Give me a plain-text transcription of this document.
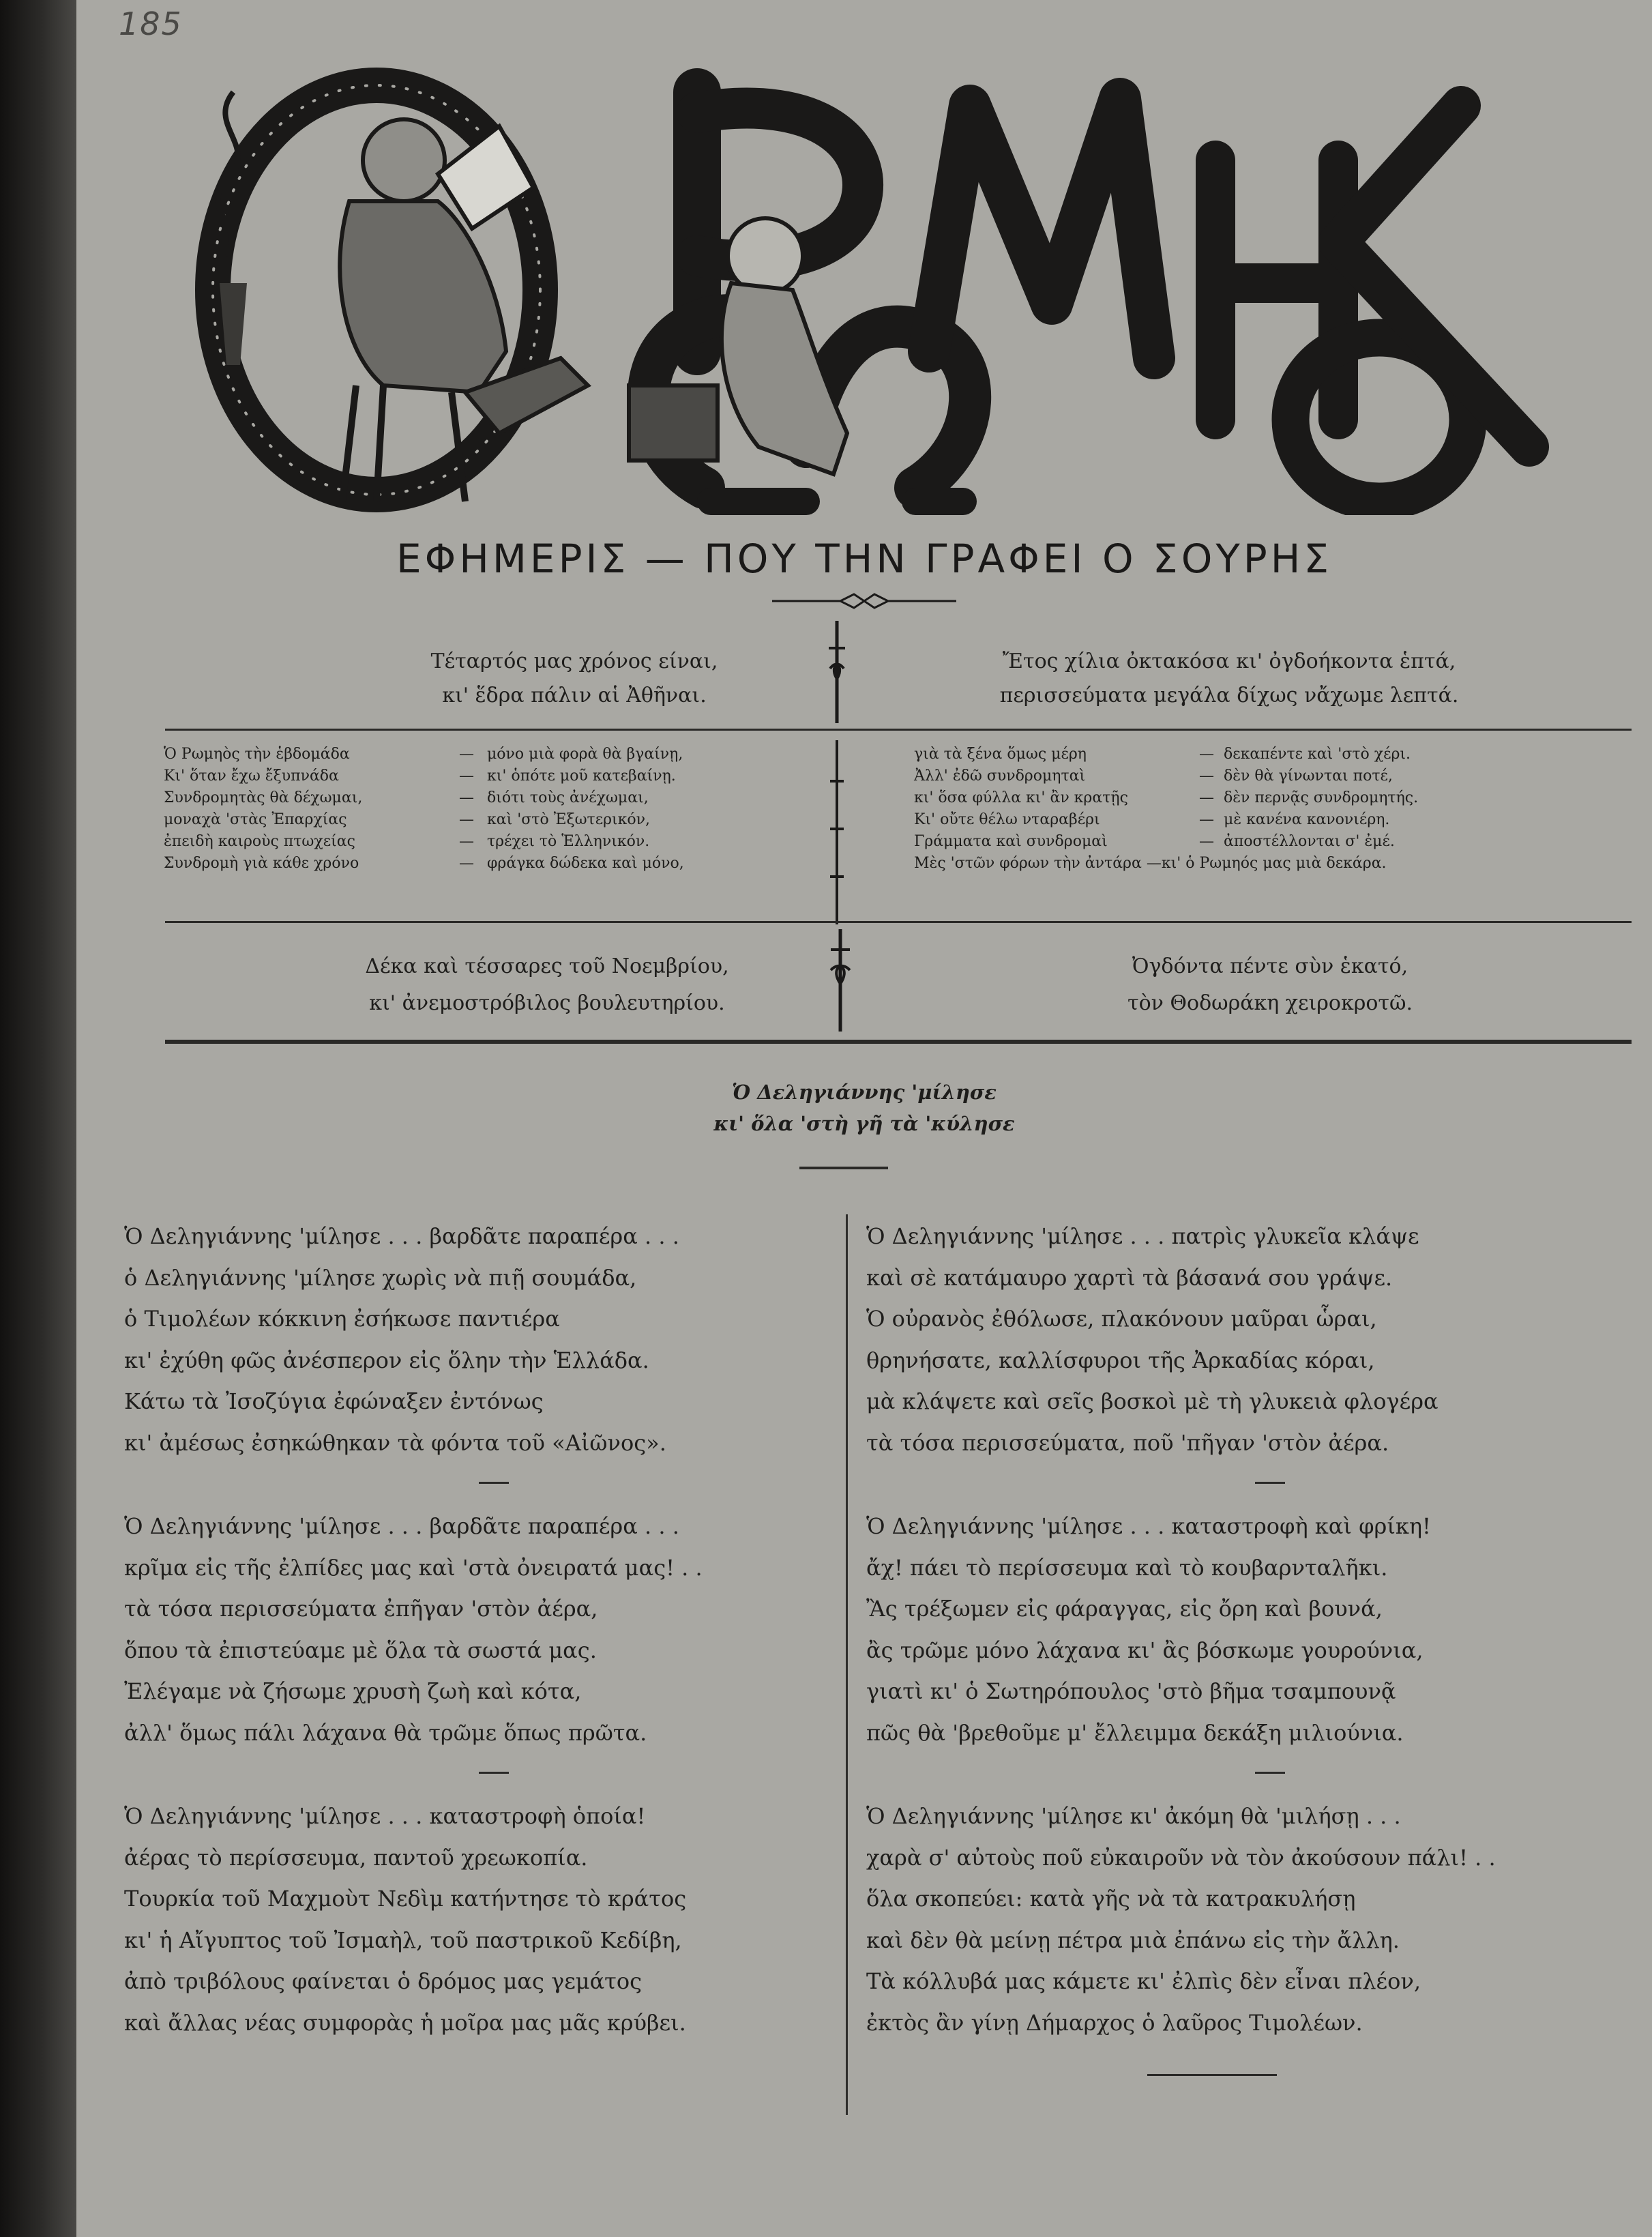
185
ΕΦΗΜΕΡΙΣ — ΠΟΥ ΤΗΝ ΓΡΑΦΕΙ Ο ΣΟΥΡΗΣ
Τέταρτός μας χρόνος είναι,
κι' ἕδρα πάλιν αἱ Ἀθῆναι.
Ἔτος χίλια ὀκτακόσα κι' ὀγδοήκοντα ἑπτά,
περισσεύματα μεγάλα δίχως νἄχωμε λεπτά.
Ὁ Ρωμηὸς τὴν ἑβδομάδα	— μόνο μιὰ φορὰ θὰ βγαίνῃ,
Κι' ὅταν ἔχω ἔξυπνάδα	— κι' ὁπότε μοῦ κατεβαίνῃ.
Συνδρομητὰς θὰ δέχωμαι,	— διότι τοὺς ἀνέχωμαι,
μοναχὰ 'στὰς Ἐπαρχίας	— καὶ 'στὸ Ἐξωτερικόν,
ἐπειδὴ καιροὺς πτωχείας	— τρέχει τὸ Ἑλληνικόν.
Συνδρομὴ γιὰ κάθε χρόνο	— φράγκα δώδεκα καὶ μόνο,
γιὰ τὰ ξένα ὅμως μέρη	— δεκαπέντε καὶ 'στὸ χέρι.
Ἀλλ' ἐδῶ συνδρομηταὶ	— δὲν θὰ γίνωνται ποτέ,
κι' ὅσα φύλλα κι' ἂν κρατῇς	— δὲν περνᾷς συνδρομητής.
Κι' οὔτε θέλω νταραβέρι	— μὲ κανένα κανονιέρη.
Γράμματα καὶ συνδρομαὶ	— ἀποστέλλονται σ' ἐμέ.
Μὲς 'στῶν φόρων τὴν ἀντάρα —κι' ὁ Ρωμηός μας μιὰ δεκάρα.
Δέκα καὶ τέσσαρες τοῦ Νοεμβρίου,
κι' ἀνεμοστρόβιλος βουλευτηρίου.
Ὀγδόντα πέντε σὺν ἑκατό,
τὸν Θοδωράκη χειροκροτῶ.
Ὁ Δεληγιάννης 'μίλησε
κι' ὅλα 'στὴ γῆ τὰ 'κύλησε
Ὁ Δεληγιάννης 'μίλησε . . . βαρδᾶτε παραπέρα . . .
ὁ Δεληγιάννης 'μίλησε χωρὶς νὰ πιῇ σουμάδα,
ὁ Τιμολέων κόκκινη ἐσήκωσε παντιέρα
κι' ἐχύθη φῶς ἀνέσπερον εἰς ὅλην τὴν Ἑλλάδα.
Κάτω τὰ Ἰσοζύγια ἐφώναξεν ἐντόνως
κι' ἀμέσως ἐσηκώθηκαν τὰ φόντα τοῦ «Αἰῶνος».
Ὁ Δεληγιάννης 'μίλησε . . . βαρδᾶτε παραπέρα . . .
κρῖμα εἰς τῆς ἐλπίδες μας καὶ 'στὰ ὀνειρατά μας! . .
τὰ τόσα περισσεύματα ἐπῆγαν 'στὸν ἀέρα,
ὅπου τὰ ἐπιστεύαμε μὲ ὅλα τὰ σωστά μας.
Ἐλέγαμε νὰ ζήσωμε χρυσὴ ζωὴ καὶ κότα,
ἀλλ' ὅμως πάλι λάχανα θὰ τρῶμε ὅπως πρῶτα.
Ὁ Δεληγιάννης 'μίλησε . . . καταστροφὴ ὁποία!
ἀέρας τὸ περίσσευμα, παντοῦ χρεωκοπία.
Τουρκία τοῦ Μαχμοὺτ Νεδὶμ κατήντησε τὸ κράτος
κι' ἡ Αἴγυπτος τοῦ Ἰσμαὴλ, τοῦ παστρικοῦ Κεδίβη,
ἀπὸ τριβόλους φαίνεται ὁ δρόμος μας γεμάτος
καὶ ἄλλας νέας συμφορὰς ἡ μοῖρα μας μᾶς κρύβει.
Ὁ Δεληγιάννης 'μίλησε . . . πατρὶς γλυκεῖα κλάψε
καὶ σὲ κατάμαυρο χαρτὶ τὰ βάσανά σου γράψε.
Ὁ οὐρανὸς ἐθόλωσε, πλακόνουν μαῦραι ὧραι,
θρηνήσατε, καλλίσφυροι τῆς Ἀρκαδίας κόραι,
μὰ κλάψετε καὶ σεῖς βοσκοὶ μὲ τὴ γλυκειὰ φλογέρα
τὰ τόσα περισσεύματα, ποῦ 'πῆγαν 'στὸν ἀέρα.
Ὁ Δεληγιάννης 'μίλησε . . . καταστροφὴ καὶ φρίκη!
ἄχ! πάει τὸ περίσσευμα καὶ τὸ κουβαρνταλῆκι.
Ἂς τρέξωμεν εἰς φάραγγας, εἰς ὄρη καὶ βουνά,
ἂς τρῶμε μόνο λάχανα κι' ἂς βόσκωμε γουρούνια,
γιατὶ κι' ὁ Σωτηρόπουλος 'στὸ βῆμα τσαμπουνᾷ
πῶς θὰ 'βρεθοῦμε μ' ἔλλειμμα δεκάξη μιλιούνια.
Ὁ Δεληγιάννης 'μίλησε κι' ἀκόμη θὰ 'μιλήσῃ . . .
χαρὰ σ' αὐτοὺς ποῦ εὐκαιροῦν νὰ τὸν ἀκούσουν πάλι! . .
ὅλα σκοπεύει: κατὰ γῆς νὰ τὰ κατρακυλήσῃ
καὶ δὲν θὰ μείνῃ πέτρα μιὰ ἐπάνω εἰς τὴν ἄλλη.
Τὰ κόλλυβά μας κάμετε κι' ἐλπὶς δὲν εἶναι πλέον,
ἐκτὸς ἂν γίνῃ Δήμαρχος ὁ λαῦρος Τιμολέων.
